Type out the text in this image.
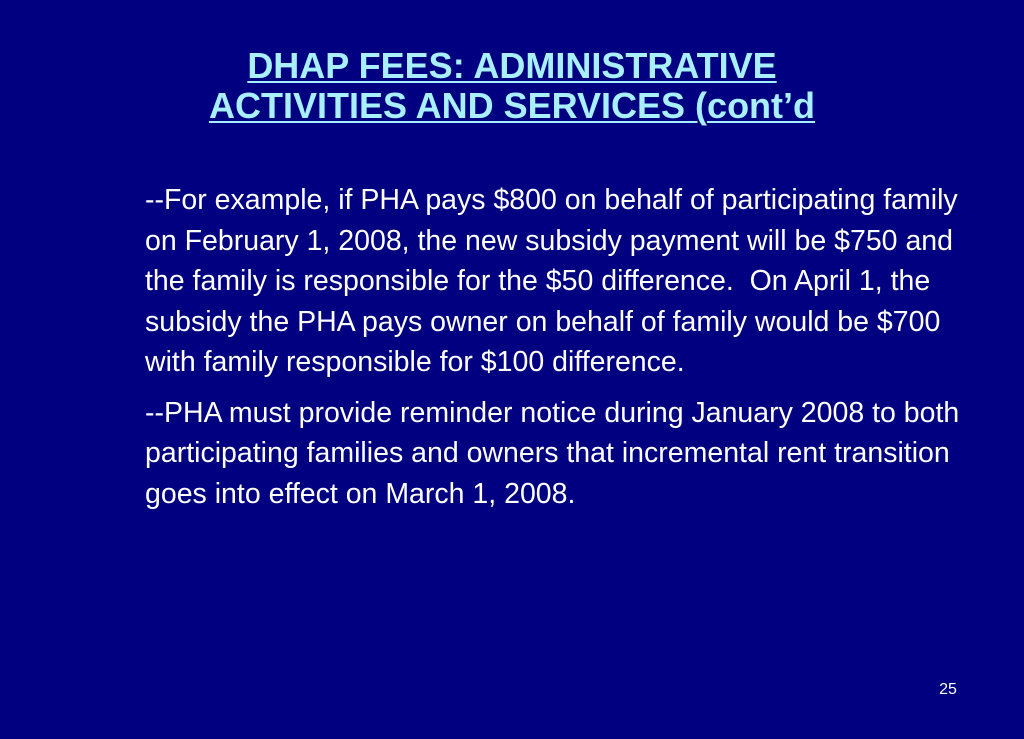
DHAP FEES: ADMINISTRATIVE
ACTIVITIES AND SERVICES (cont’d

--For example, if PHA pays $800 on behalf of participating family on February 1, 2008, the new subsidy payment will be $750 and the family is responsible for the $50 difference.  On April 1, the subsidy the PHA pays owner on behalf of family would be $700 with family responsible for $100 difference.

--PHA must provide reminder notice during January 2008 to both participating families and owners that incremental rent transition goes into effect on March 1, 2008.

25
